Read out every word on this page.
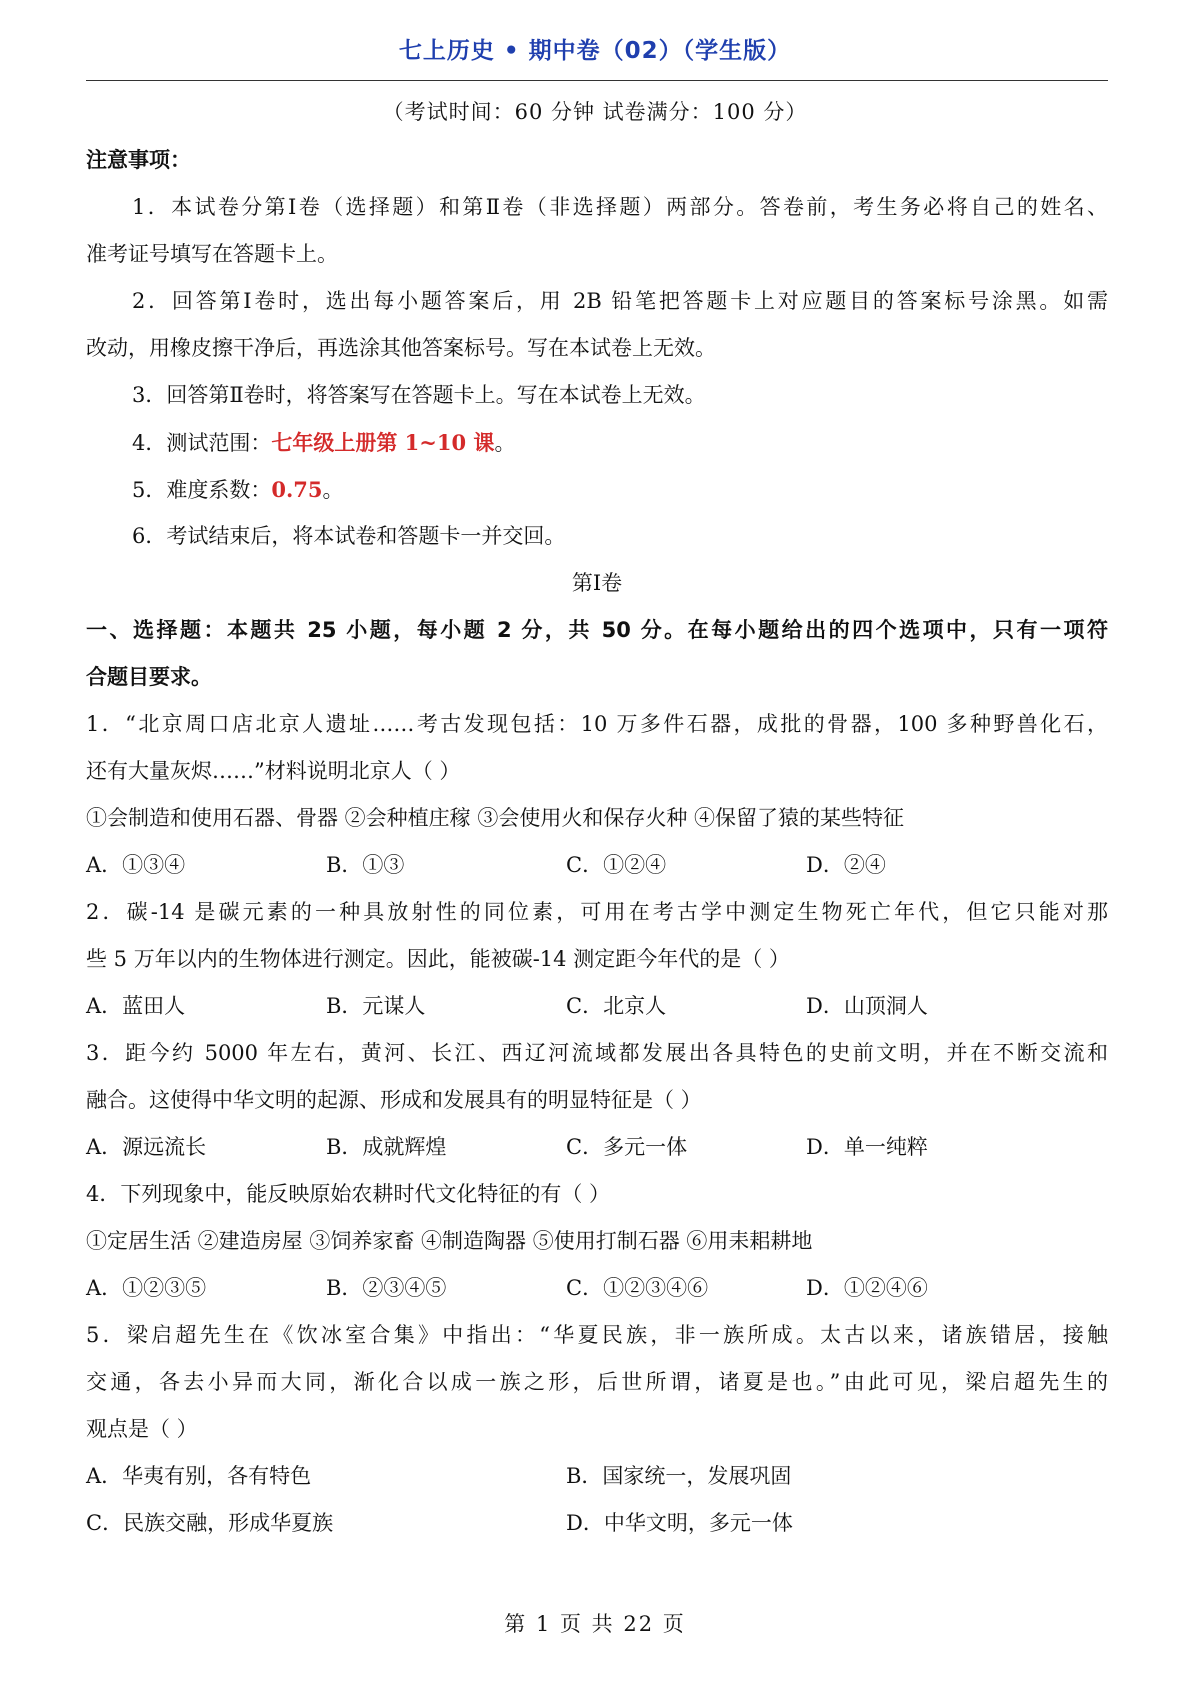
七上历史 • 期中卷（02）（学生版）
（考试时间：60 分钟 试卷满分：100 分）
注意事项：
1．本试卷分第Ⅰ卷（选择题）和第Ⅱ卷（非选择题）两部分。答卷前，考生务必将自己的姓名、
准考证号填写在答题卡上。
2．回答第Ⅰ卷时，选出每小题答案后，用 2B 铅笔把答题卡上对应题目的答案标号涂黑。如需
改动，用橡皮擦干净后，再选涂其他答案标号。写在本试卷上无效。
3．回答第Ⅱ卷时，将答案写在答题卡上。写在本试卷上无效。
4．测试范围：七年级上册第 1~10 课。
5．难度系数：0.75。
6．考试结束后，将本试卷和答题卡一并交回。
第Ⅰ卷
一、选择题：本题共 25 小题，每小题 2 分，共 50 分。在每小题给出的四个选项中，只有一项符
合题目要求。
1．“北京周口店北京人遗址……考古发现包括：10 万多件石器，成批的骨器，100 多种野兽化石，
还有大量灰烬……”材料说明北京人（ ）
①会制造和使用石器、骨器 ②会种植庄稼 ③会使用火和保存火种 ④保留了猿的某些特征
A．①③④	B．①③	C．①②④	D．②④
2．碳-14 是碳元素的一种具放射性的同位素，可用在考古学中测定生物死亡年代，但它只能对那
些 5 万年以内的生物体进行测定。因此，能被碳-14 测定距今年代的是（ ）
A．蓝田人	B．元谋人	C．北京人	D．山顶洞人
3．距今约 5000 年左右，黄河、长江、西辽河流域都发展出各具特色的史前文明，并在不断交流和
融合。这使得中华文明的起源、形成和发展具有的明显特征是（ ）
A．源远流长	B．成就辉煌	C．多元一体	D．单一纯粹
4．下列现象中，能反映原始农耕时代文化特征的有（ ）
①定居生活 ②建造房屋 ③饲养家畜 ④制造陶器 ⑤使用打制石器 ⑥用耒耜耕地
A．①②③⑤	B．②③④⑤	C．①②③④⑥	D．①②④⑥
5．梁启超先生在《饮冰室合集》中指出：“华夏民族，非一族所成。太古以来，诸族错居，接触
交通，各去小异而大同，渐化合以成一族之形，后世所谓，诸夏是也。”由此可见，梁启超先生的
观点是（ ）
A．华夷有别，各有特色	B．国家统一，发展巩固
C．民族交融，形成华夏族	D．中华文明，多元一体
第 1 页 共 22 页
